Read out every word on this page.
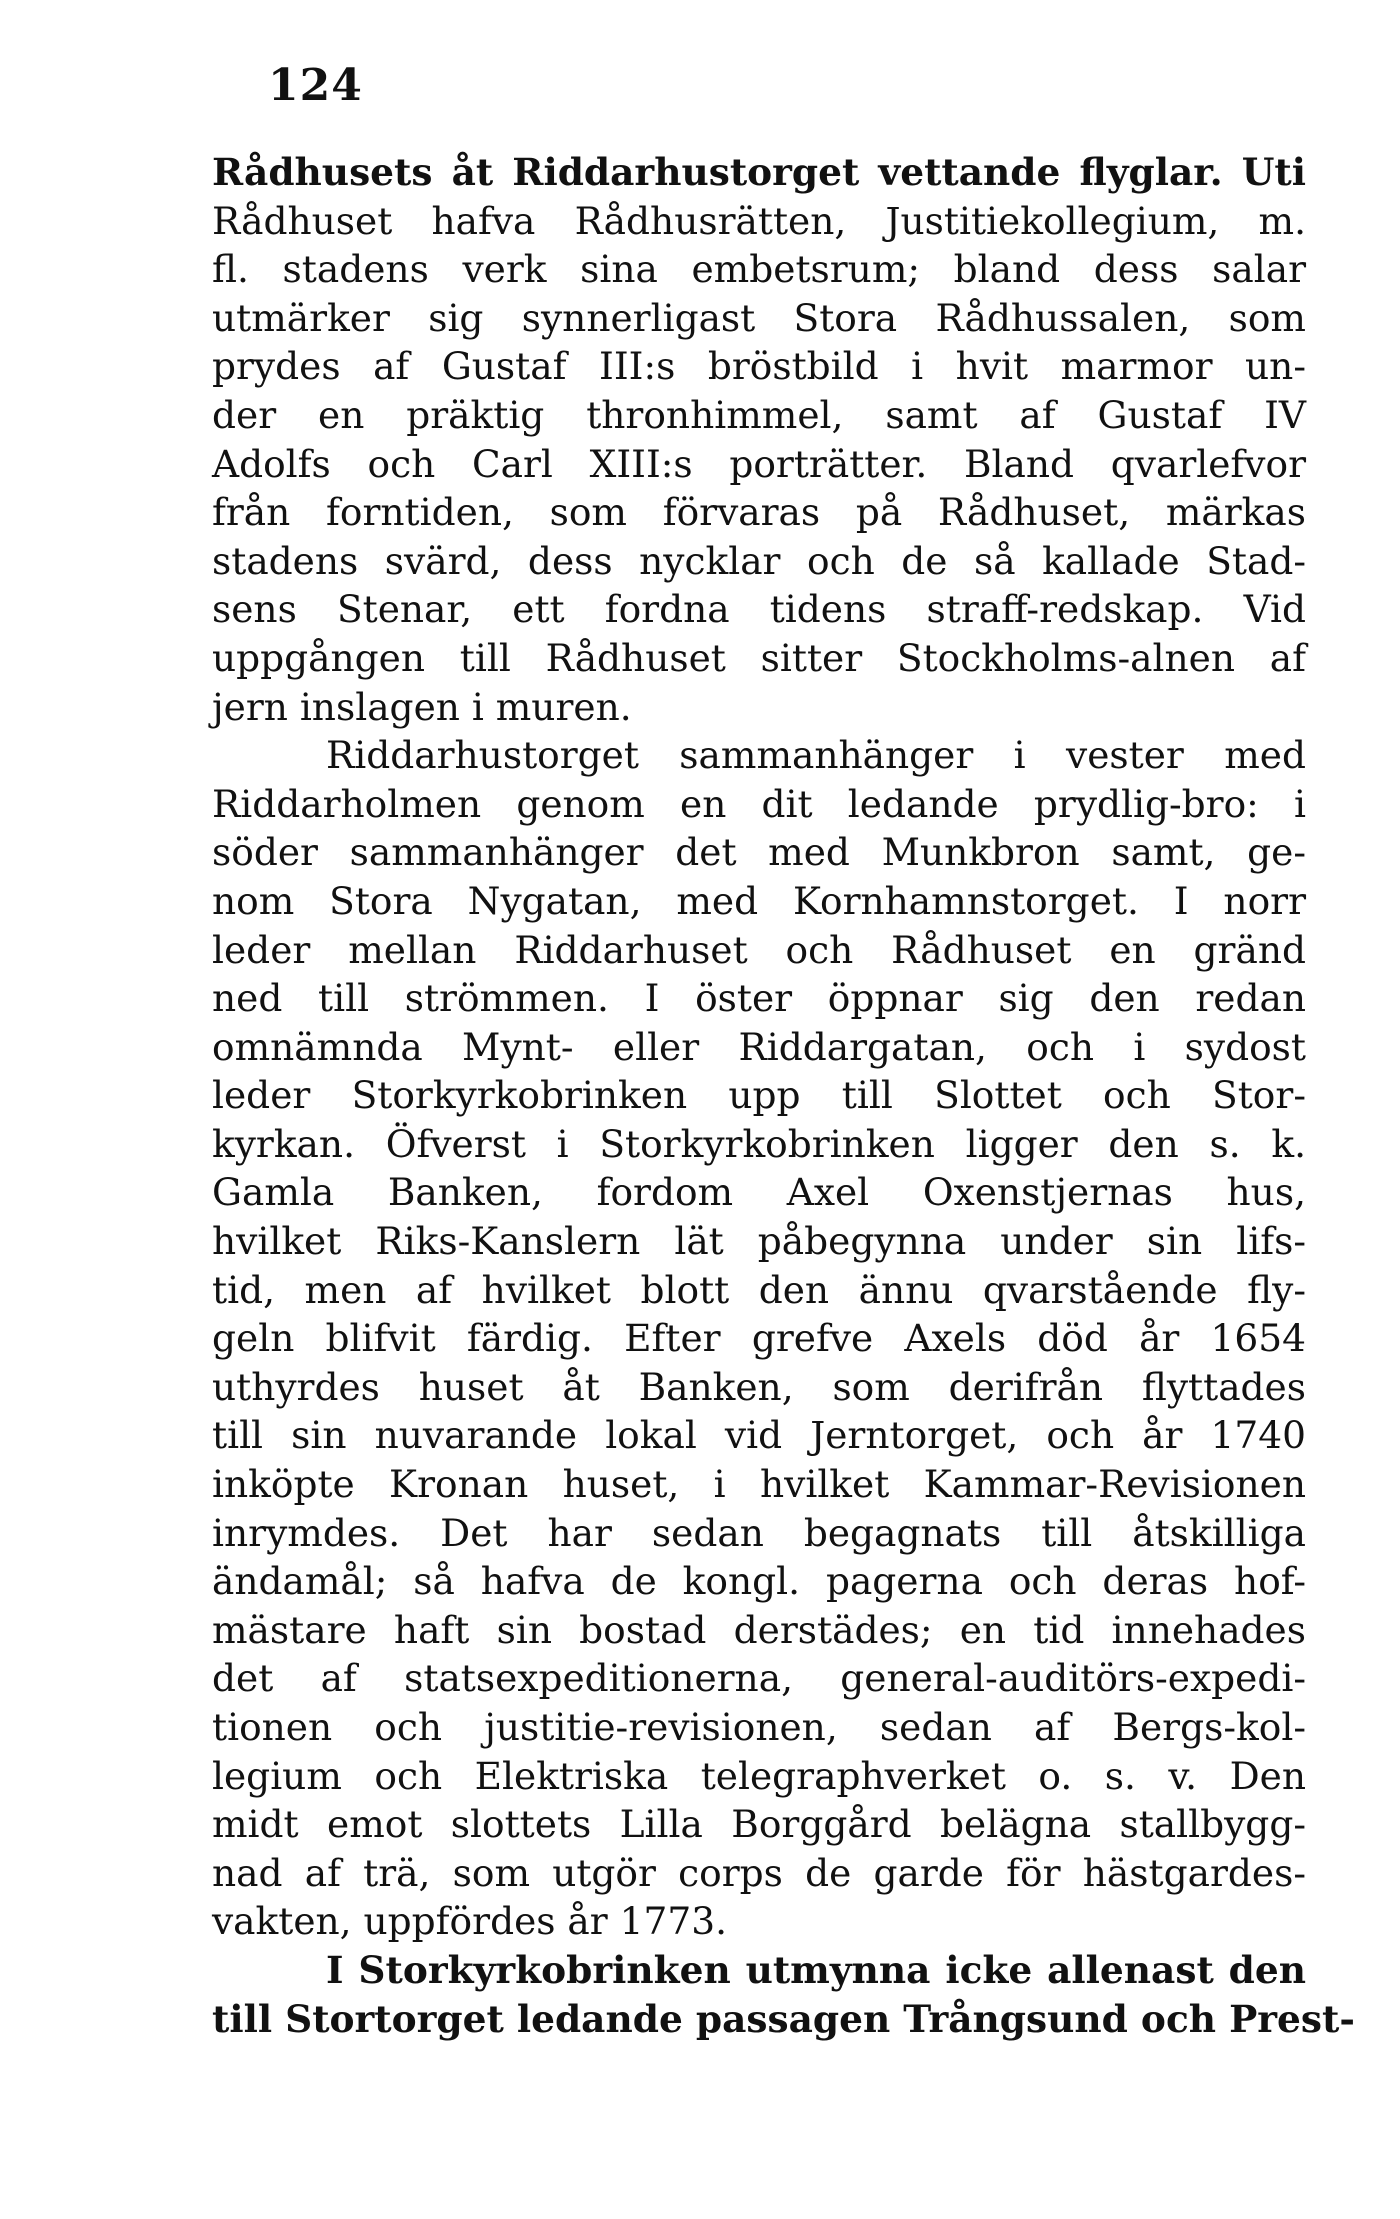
124
Rådhusets åt Riddarhustorget vettande flyglar. Uti
Rådhuset hafva Rådhusrätten, Justitiekollegium, m.
fl. stadens verk sina embetsrum; bland dess salar
utmärker sig synnerligast Stora Rådhussalen, som
prydes af Gustaf III:s bröstbild i hvit marmor un-
der en präktig thronhimmel, samt af Gustaf IV
Adolfs och Carl XIII:s porträtter. Bland qvarlefvor
från forntiden, som förvaras på Rådhuset, märkas
stadens svärd, dess nycklar och de så kallade Stad-
sens Stenar, ett fordna tidens straff-redskap. Vid
uppgången till Rådhuset sitter Stockholms-alnen af
jern inslagen i muren.
Riddarhustorget sammanhänger i vester med
Riddarholmen genom en dit ledande prydlig-bro: i
söder sammanhänger det med Munkbron samt, ge-
nom Stora Nygatan, med Kornhamnstorget. I norr
leder mellan Riddarhuset och Rådhuset en gränd
ned till strömmen. I öster öppnar sig den redan
omnämnda Mynt- eller Riddargatan, och i sydost
leder Storkyrkobrinken upp till Slottet och Stor-
kyrkan. Öfverst i Storkyrkobrinken ligger den s. k.
Gamla Banken, fordom Axel Oxenstjernas hus,
hvilket Riks-Kanslern lät påbegynna under sin lifs-
tid, men af hvilket blott den ännu qvarstående fly-
geln blifvit färdig. Efter grefve Axels död år 1654
uthyrdes huset åt Banken, som derifrån flyttades
till sin nuvarande lokal vid Jerntorget, och år 1740
inköpte Kronan huset, i hvilket Kammar-Revisionen
inrymdes. Det har sedan begagnats till åtskilliga
ändamål; så hafva de kongl. pagerna och deras hof-
mästare haft sin bostad derstädes; en tid innehades
det af statsexpeditionerna, general-auditörs-expedi-
tionen och justitie-revisionen, sedan af Bergs-kol-
legium och Elektriska telegraphverket o. s. v. Den
midt emot slottets Lilla Borggård belägna stallbygg-
nad af trä, som utgör corps de garde för hästgardes-
vakten, uppfördes år 1773.
I Storkyrkobrinken utmynna icke allenast den
till Stortorget ledande passagen Trångsund och Prest-
